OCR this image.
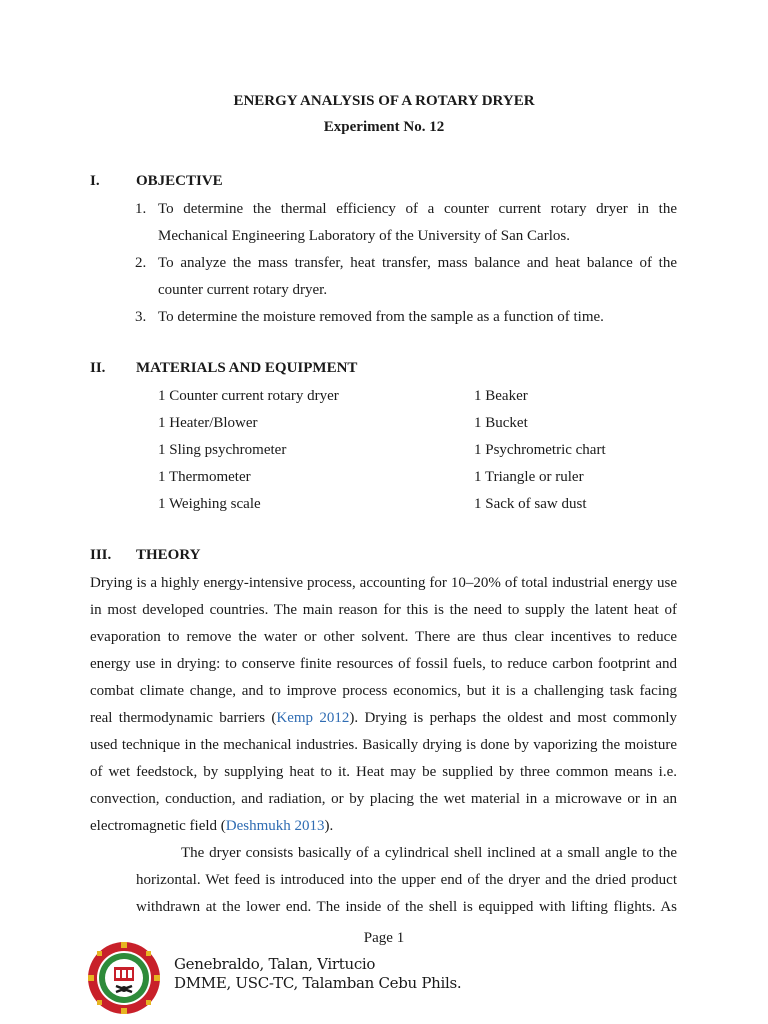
ENERGY ANALYSIS OF A ROTARY DRYER
Experiment No. 12
I. OBJECTIVE
1. To determine the thermal efficiency of a counter current rotary dryer in the
Mechanical Engineering Laboratory of the University of San Carlos.
2. To analyze the mass transfer, heat transfer, mass balance and heat balance of the
counter current rotary dryer.
3. To determine the moisture removed from the sample as a function of time.
II. MATERIALS AND EQUIPMENT
1 Counter current rotary dryer
1 Heater/Blower
1 Sling psychrometer
1 Thermometer
1 Weighing scale
1 Beaker
1 Bucket
1 Psychrometric chart
1 Triangle or ruler
1 Sack of saw dust
III. THEORY
Drying is a highly energy-intensive process, accounting for 10–20% of total industrial energy use
in most developed countries. The main reason for this is the need to supply the latent heat of
evaporation to remove the water or other solvent. There are thus clear incentives to reduce
energy use in drying: to conserve finite resources of fossil fuels, to reduce carbon footprint and
combat climate change, and to improve process economics, but it is a challenging task facing
real thermodynamic barriers (Kemp 2012). Drying is perhaps the oldest and most commonly
used technique in the mechanical industries. Basically drying is done by vaporizing the moisture
of wet feedstock, by supplying heat to it. Heat may be supplied by three common means i.e.
convection, conduction, and radiation, or by placing the wet material in a microwave or in an
electromagnetic field (Deshmukh 2013).
The dryer consists basically of a cylindrical shell inclined at a small angle to the
horizontal. Wet feed is introduced into the upper end of the dryer and the dried product
withdrawn at the lower end. The inside of the shell is equipped with lifting flights. As
Page 1
Genebraldo, Talan, Virtucio
DMME, USC-TC, Talamban Cebu Phils.
